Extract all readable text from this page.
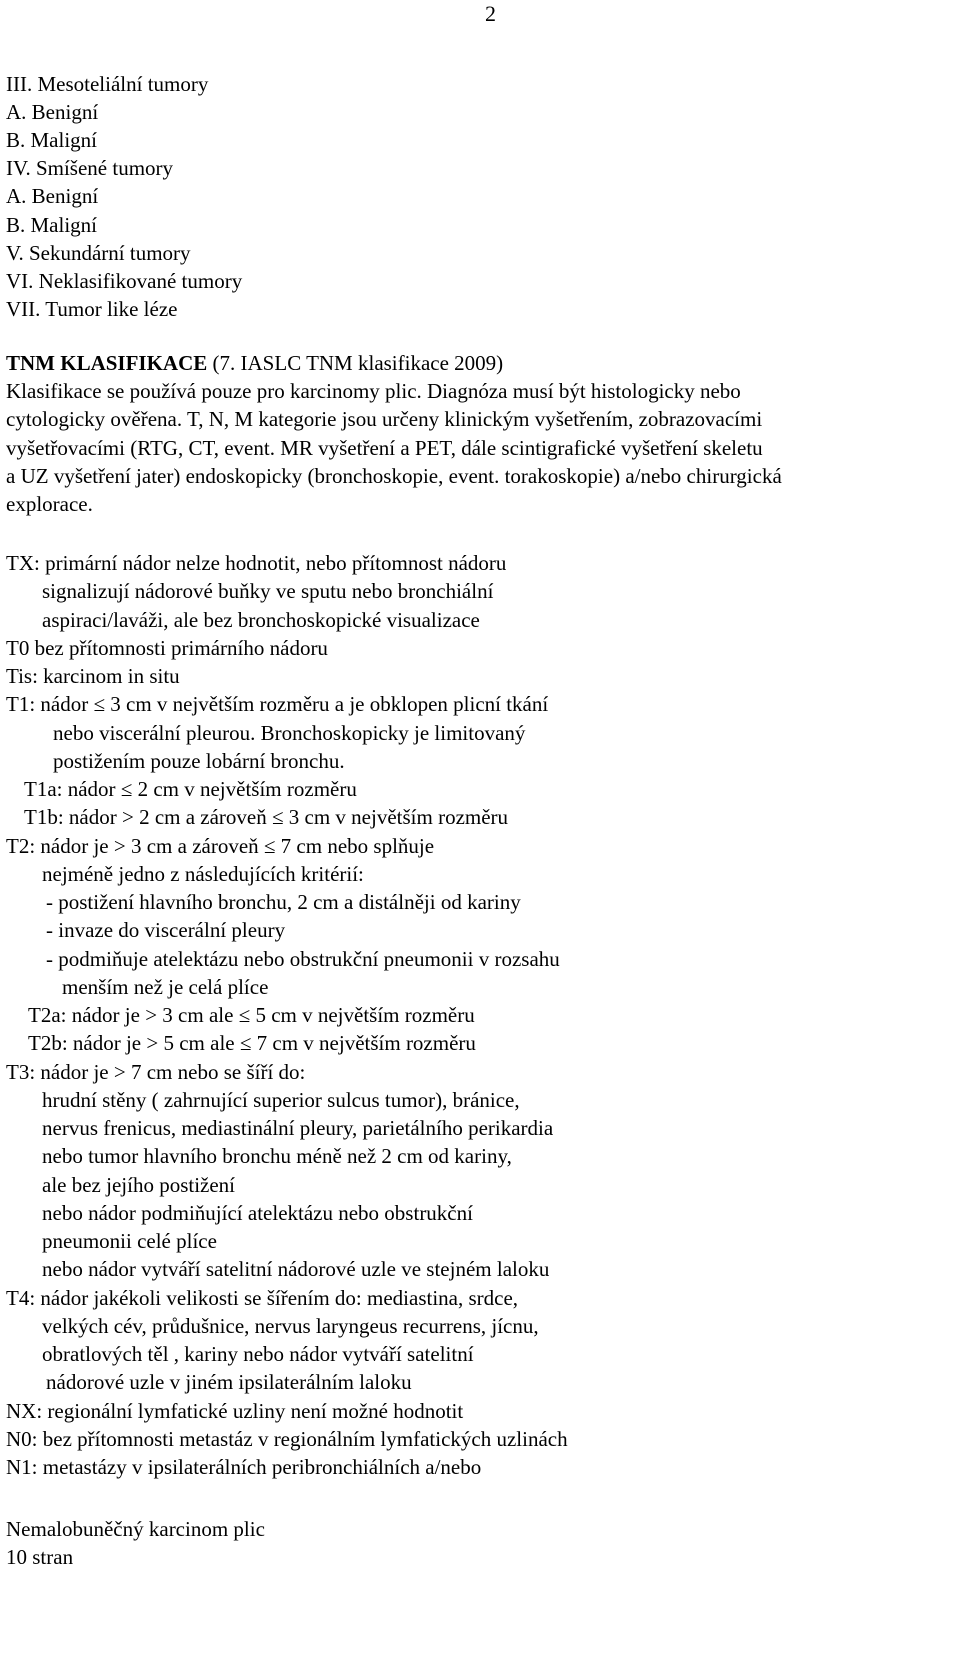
2
III. Mesoteliální tumory
A. Benigní
B. Maligní
IV. Smíšené tumory
A. Benigní
B. Maligní
V. Sekundární tumory
VI. Neklasifikované tumory
VII. Tumor like léze
TNM KLASIFIKACE (7. IASLC TNM klasifikace 2009)
Klasifikace se používá pouze pro karcinomy plic. Diagnóza musí být histologicky nebo
cytologicky ověřena. T, N, M kategorie jsou určeny klinickým vyšetřením, zobrazovacími
vyšetřovacími (RTG, CT, event. MR vyšetření a PET, dále scintigrafické vyšetření skeletu
a UZ vyšetření jater) endoskopicky (bronchoskopie, event. torakoskopie) a/nebo chirurgická
explorace.
TX: primární nádor nelze hodnotit, nebo přítomnost nádoru
signalizují nádorové buňky ve sputu nebo bronchiální
aspiraci/laváži, ale bez bronchoskopické visualizace
T0 bez přítomnosti primárního nádoru
Tis: karcinom in situ
T1: nádor ≤ 3 cm v největším rozměru a je obklopen plicní tkání
nebo viscerální pleurou. Bronchoskopicky je limitovaný
postižením pouze lobární bronchu.
T1a: nádor ≤ 2 cm v největším rozměru
T1b: nádor > 2 cm a zároveň ≤ 3 cm v největším rozměru
T2: nádor je > 3 cm a zároveň ≤ 7 cm nebo splňuje
nejméně jedno z následujících kritérií:
- postižení hlavního bronchu, 2 cm a distálněji od kariny
- invaze do viscerální pleury
- podmiňuje atelektázu nebo obstrukční pneumonii v rozsahu
menším než je celá plíce
T2a: nádor je > 3 cm ale ≤ 5 cm v největším rozměru
T2b: nádor je > 5 cm ale ≤ 7 cm v největším rozměru
T3: nádor je > 7 cm nebo se šíří do:
hrudní stěny ( zahrnující superior sulcus tumor), bránice,
nervus frenicus, mediastinální pleury, parietálního perikardia
nebo tumor hlavního bronchu méně než 2 cm od kariny,
ale bez jejího postižení
nebo nádor podmiňující atelektázu nebo obstrukční
pneumonii celé plíce
nebo nádor vytváří satelitní nádorové uzle ve stejném laloku
T4: nádor jakékoli velikosti se šířením do: mediastina, srdce,
velkých cév, průdušnice, nervus laryngeus recurrens, jícnu,
obratlových těl , kariny nebo nádor vytváří satelitní
nádorové uzle v jiném ipsilaterálním laloku
NX: regionální lymfatické uzliny není možné hodnotit
N0: bez přítomnosti metastáz v regionálním lymfatických uzlinách
N1: metastázy v ipsilaterálních peribronchiálních a/nebo
Nemalobuněčný karcinom plic
10 stran
